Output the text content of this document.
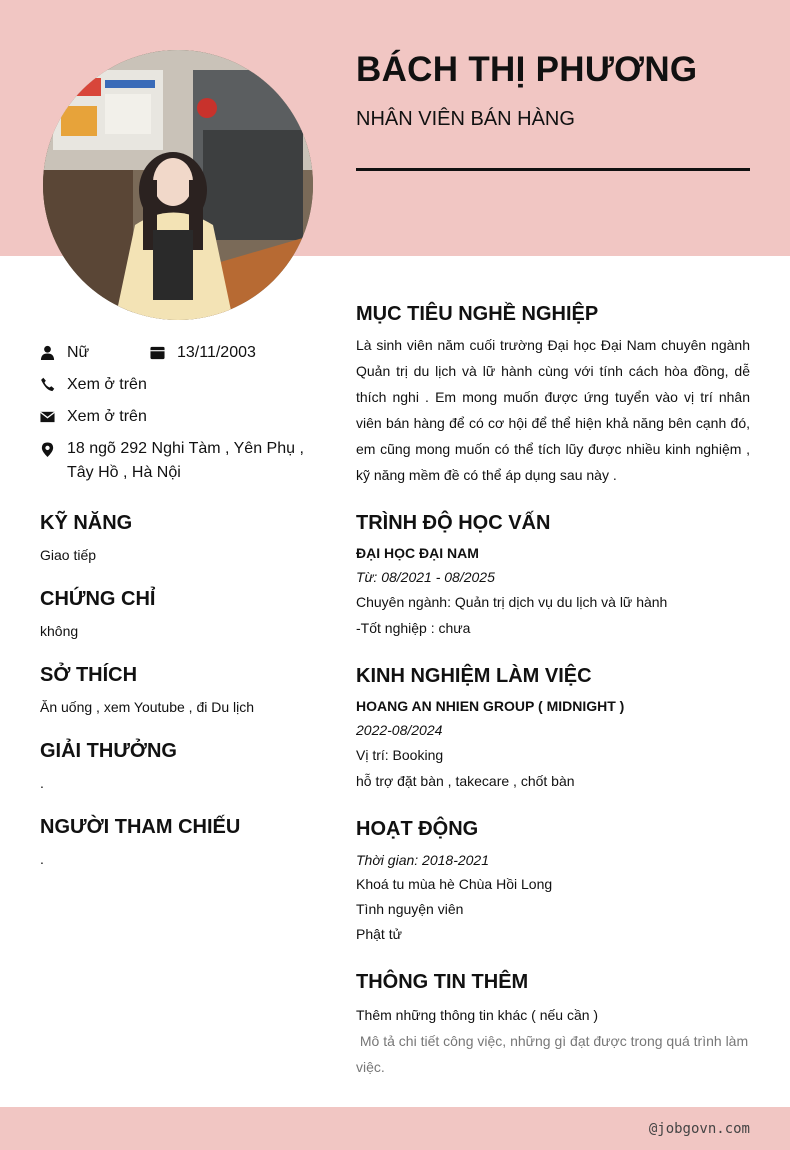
BÁCH THỊ PHƯƠNG
NHÂN VIÊN BÁN HÀNG
Nữ	13/11/2003
Xem ở trên
Xem ở trên
18 ngõ 292 Nghi Tàm , Yên Phụ ,
Tây Hồ , Hà Nội
KỸ NĂNG
Giao tiếp
CHỨNG CHỈ
không
SỞ THÍCH
Ăn uống , xem Youtube , đi Du lịch
GIẢI THƯỞNG
.
NGƯỜI THAM CHIẾU
.
MỤC TIÊU NGHỀ NGHIỆP
Là sinh viên năm cuối trường Đại học Đại Nam chuyên ngành Quản trị du lịch và lữ hành cùng với tính cách hòa đồng, dễ thích nghi . Em mong muốn được ứng tuyển vào vị trí nhân viên bán hàng để có cơ hội để thể hiện khả năng bên cạnh đó, em cũng mong muốn có thể tích lũy được nhiều kinh nghiệm , kỹ năng mềm đề có thể áp dụng sau này .
TRÌNH ĐỘ HỌC VẤN
ĐẠI HỌC ĐẠI NAM
Từ: 08/2021 - 08/2025
Chuyên ngành: Quản trị dịch vụ du lịch và lữ hành
-Tốt nghiệp : chưa
KINH NGHIỆM LÀM VIỆC
HOANG AN NHIEN GROUP ( MIDNIGHT )
2022-08/2024
Vị trí: Booking
hỗ trợ đặt bàn , takecare , chốt bàn
HOẠT ĐỘNG
Thời gian: 2018-2021
Khoá tu mùa hè Chùa Hồi Long
Tình nguyện viên
Phật tử
THÔNG TIN THÊM
Thêm những thông tin khác ( nếu cần )
Mô tả chi tiết công việc, những gì đạt được trong quá trình làm
việc.
@jobgovn.com
